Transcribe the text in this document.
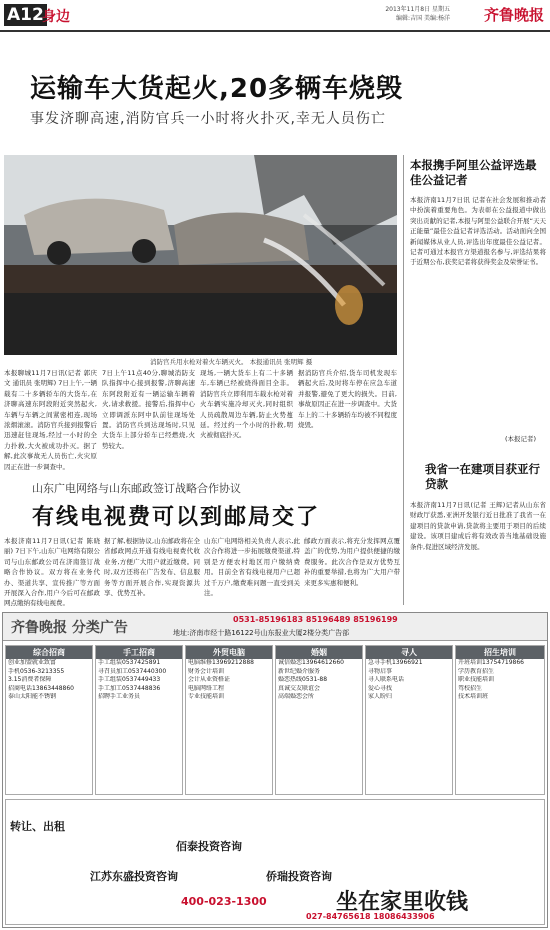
A12
身边	2013年11月8日 星期五
编辑:吉国 美编:杨洋 齐鲁晚报
运输车大货起火,20多辆车烧毁
事发济聊高速,消防官兵一小时将火扑灭,幸无人员伤亡
消防官兵用水枪对着火车辆灭火。 本报通讯员 张明辉 摄
本报聊城11月7日讯(记者 郭庆文 通讯员 张明辉) 7日上午,一辆载有二十多辆轿车的大货车,在济聊高速东阿段附近突然起火,车辆与车辆之间紧密相连,现场浓烟滚滚。消防官兵接到报警后迅速赶往现场,经过一小时的全力扑救,大火被成功扑灭。据了解,此次事故无人员伤亡,火灾原因正在进一步调查中。
7日上午11点40分,聊城消防支队指挥中心接到报警,济聊高速东阿段附近有一辆运输车辆着火,请求救援。接警后,指挥中心立即调派东阿中队前往现场处置。消防官兵到达现场时,只见大货车上部分轿车已经燃烧,火势较大。
现场,一辆大货车上有二十多辆车,车辆已经被烧得面目全非。消防官兵立即利用车载水枪对着火车辆实施冷却灭火,同时组织人员疏散周边车辆,防止火势蔓延。经过约一个小时的扑救,明火被彻底扑灭。
据消防官兵介绍,货车司机发现车辆起火后,及时将车停在应急车道并报警,避免了更大的损失。目前,事故原因正在进一步调查中。大货车上的二十多辆轿车均被不同程度烧毁。
本报携手阿里公益评选最佳公益记者
本报济南11月7日讯 记者在社会发展和推动者中扮演着重要角色。为表彰在公益报道中做出突出贡献的记者,本报与阿里公益联合开展“天天正能量”最佳公益记者评选活动。活动面向全国新闻媒体从业人员,评选出年度最佳公益记者。记者可通过本报官方渠道报名参与,评选结果将于近期公布,获奖记者将获得奖金及荣誉证书。
(本报记者)
我省一在建项目获亚行贷款
本报济南11月7日讯(记者 王辉)记者从山东省财政厅获悉,亚洲开发银行近日批准了我省一在建项目的贷款申请,贷款将主要用于项目的后续建设。该项目建成后将有效改善当地基础设施条件,促进区域经济发展。
山东广电网络与山东邮政签订战略合作协议
有线电视费可以到邮局交了
本报济南11月7日讯(记者 陈晓丽) 7日下午,山东广电网络有限公司与山东邮政公司在济南签订战略合作协议。双方将在业务代办、渠道共享、宣传推广等方面开展深入合作,用户今后可在邮政网点缴纳有线电视费。
据了解,根据协议,山东邮政将在全省邮政网点开通有线电视费代收业务,方便广大用户就近缴费。同时,双方还将在广告发布、信息服务等方面开展合作,实现资源共享、优势互补。
山东广电网络相关负责人表示,此次合作将进一步拓展缴费渠道,特别是方便农村地区用户缴纳费用。目前全省有线电视用户已超过千万户,缴费难问题一直受到关注。
邮政方面表示,将充分发挥网点覆盖广的优势,为用户提供便捷的缴费服务。此次合作是双方优势互补的重要举措,也将为广大用户带来更多实惠和便利。
齐鲁晚报 分类广告
0531-85196183 85196489 85196199
地址:济南市经十路16122号山东报业大厦2楼分类广告部
综合招商

创业加盟就业致富

手机0536-3213355

3.15消费者保障

招商电话13863448860

泰山太阳能不锈钢

手工招商

手工组装0537425891

寻召员加工0537440300

手工组装0537449433

手工加工0537448836

招聘手工业务员

外贸电脑

电脑维修13969212888

财务会计培训

会计从业资格证

电脑网络工程

专业技能培训

婚姻

诚信婚恋13964612660

新世纪婚介服务

婚恋热线0531-88

真诚交友联谊会

高端婚恋会所

寻人

急寻手机13966921

寻物启事

寻人联系电话

爱心寻找

家人盼归

招生培训

开班培训13754719866

学历教育招生

职业技能培训

驾校招生

技术培训班

转让、出租
江苏东盛投资咨询
佰泰投资咨询
400-023-1300
侨瑞投资咨询
坐在家里收钱
027-84765618 18086433906
